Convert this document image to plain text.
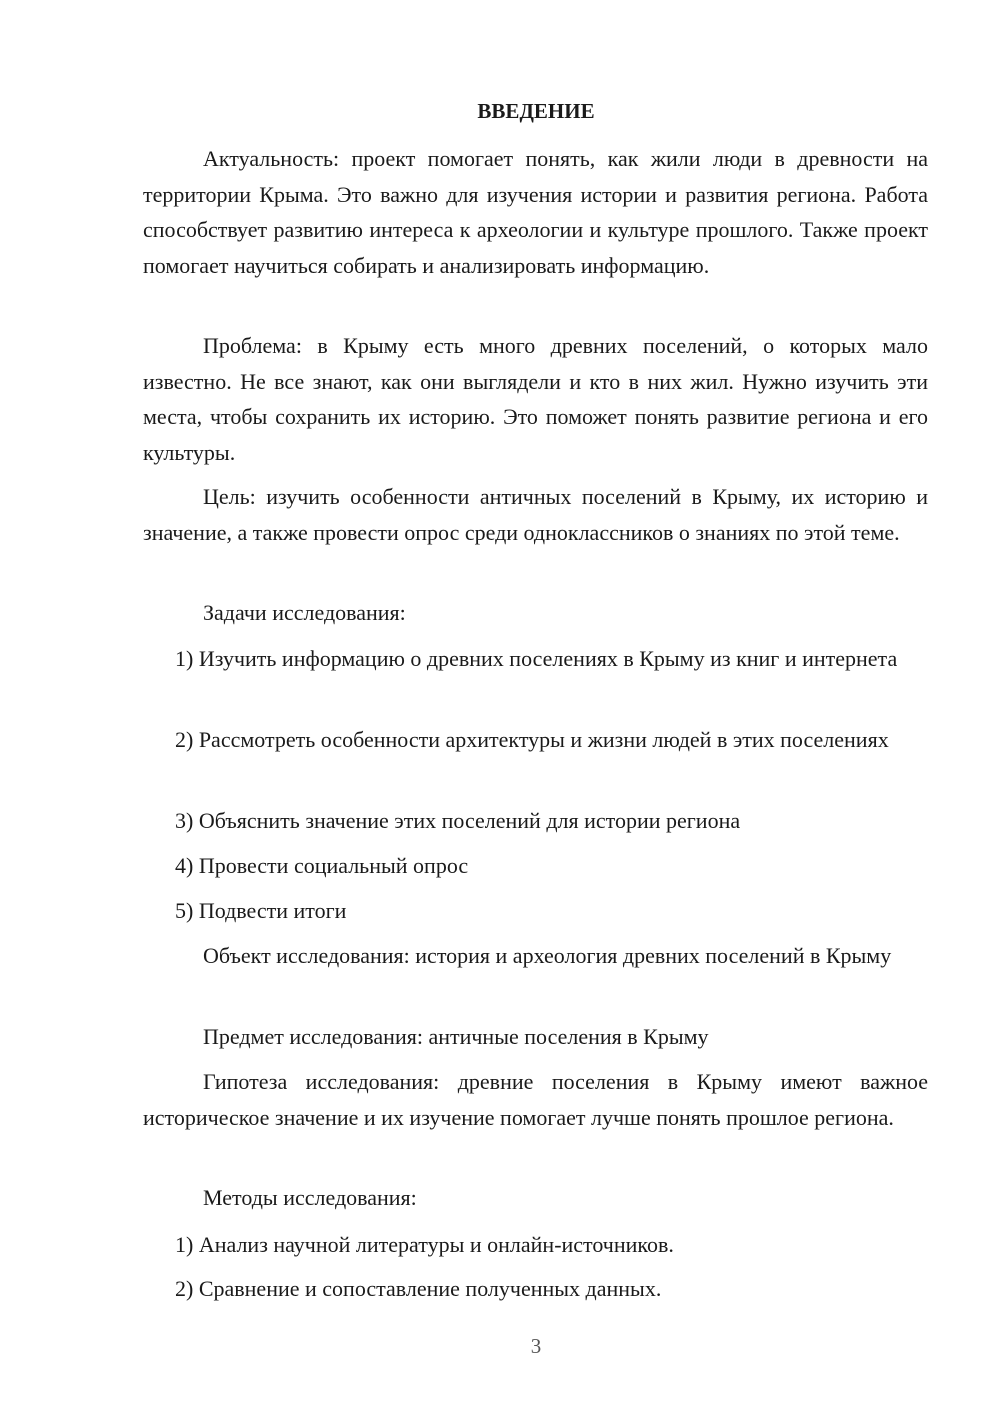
ВВЕДЕНИЕ

Актуальность: проект помогает понять, как жили люди в древности на территории Крыма. Это важно для изучения истории и развития региона. Работа способствует развитию интереса к археологии и культуре прошлого. Также проект помогает научиться собирать и анализировать информацию.

Проблема: в Крыму есть много древних поселений, о которых мало известно. Не все знают, как они выглядели и кто в них жил. Нужно изучить эти места, чтобы сохранить их историю. Это поможет понять развитие региона и его культуры.

Цель: изучить особенности античных поселений в Крыму, их историю и значение, а также провести опрос среди одноклассников о знаниях по этой теме.

Задачи исследования:

1) Изучить информацию о древних поселениях в Крыму из книг и интернета

2) Рассмотреть особенности архитектуры и жизни людей в этих поселениях

3) Объяснить значение этих поселений для истории региона

4) Провести социальный опрос

5) Подвести итоги

Объект исследования: история и археология древних поселений в Крыму

Предмет исследования: античные поселения в Крыму

Гипотеза исследования: древние поселения в Крыму имеют важное историческое значение и их изучение помогает лучше понять прошлое региона.

Методы исследования:

1) Анализ научной литературы и онлайн-источников.

2) Сравнение и сопоставление полученных данных.

3
